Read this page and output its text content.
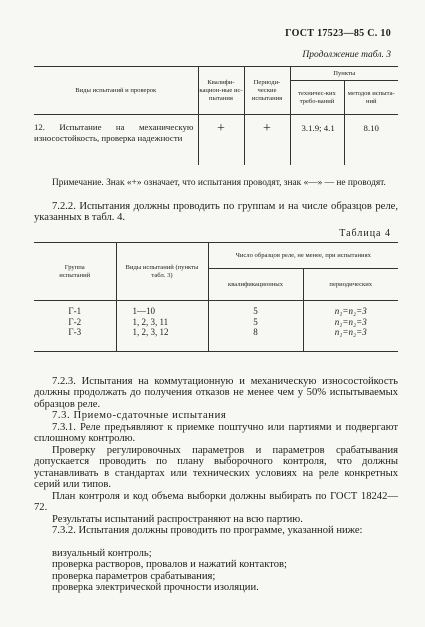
ГОСТ 17523—85 С. 10
Продолжение табл. 3
Виды испытаний и проверок	Квалифи-кацион-ные ис-пытания	Периоди-ческие испытания	Пункты	
			техничес-ких требо-ваний	методов испыта-ний
12. Испытание на механическую износостойкость, проверка надежности	+	+	3.1.9; 4.1	8.10
Примечание. Знак «+» означает, что испытания проводят, знак «—» — не проводят.
7.2.2. Испытания должны проводить по группам и на числе образцов реле, указанных в табл. 4.
Таблица 4
Группа испытаний	Виды испытаний (пункты табл. 3)	Число образцов реле, не менее, при испытаниях	
		квалификационных	периодических
Г-1	1—10	5	n₁=n₂=3
Г-2	1, 2, 3, 11	5	n₁=n₂=3
Г-3	1, 2, 3, 12	8	n₁=n₂=3
7.2.3. Испытания на коммутационную и механическую износостойкость должны продолжать до получения отказов не менее чем у 50% испытываемых образцов реле.
7.3. Приемо-сдаточные испытания
7.3.1. Реле предъявляют к приемке поштучно или партиями и подвергают сплошному контролю.
Проверку регулировочных параметров и параметров срабатывания допускается проводить по плану выборочного контроля, что должны устанавливать в стандартах или технических условиях на реле конкретных серий или типов.
План контроля и код объема выборки должны выбирать по ГОСТ 18242—72.
Результаты испытаний распространяют на всю партию.
7.3.2. Испытания должны проводить по программе, указанной ниже:
визуальный контроль;
проверка растворов, провалов и нажатий контактов;
проверка параметров срабатывания;
проверка электрической прочности изоляции.
